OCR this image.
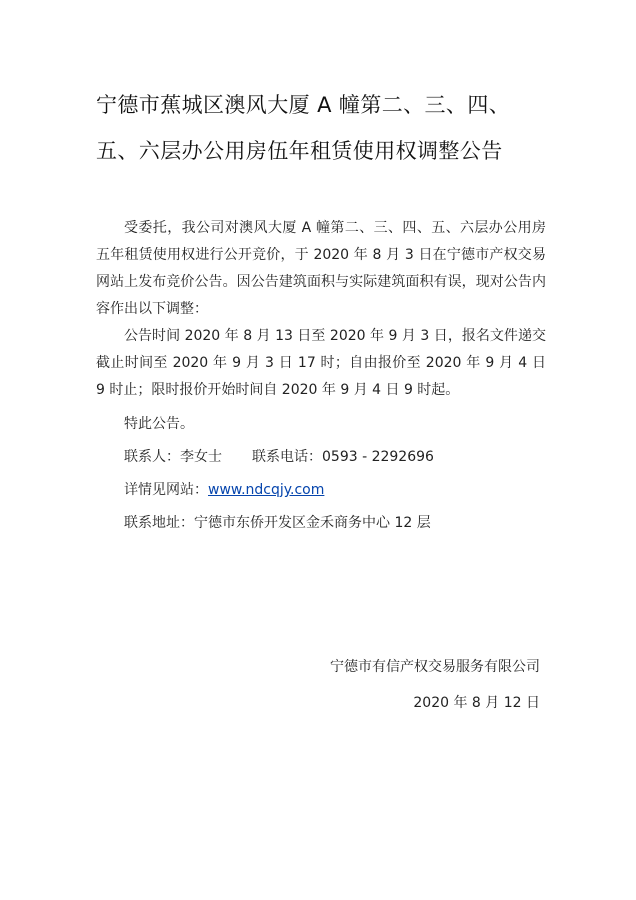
宁德市蕉城区澳风大厦 A 幢第二、三、四、
五、六层办公用房伍年租赁使用权调整公告

受委托，我公司对澳风大厦 A 幢第二、三、四、五、六层办公用房五年租赁使用权进行公开竞价，于 2020 年 8 月 3 日在宁德市产权交易网站上发布竞价公告。因公告建筑面积与实际建筑面积有误，现对公告内容作出以下调整：

公告时间 2020 年 8 月 13 日至 2020 年 9 月 3 日，报名文件递交截止时间至 2020 年 9 月 3 日 17 时；自由报价至 2020 年 9 月 4 日 9 时止；限时报价开始时间自 2020 年 9 月 4 日 9 时起。

特此公告。

联系人：李女士 联系电话：0593 - 2292696

详情见网站：www.ndcqjy.com

联系地址：宁德市东侨开发区金禾商务中心 12 层

宁德市有信产权交易服务有限公司
2020 年 8 月 12 日
